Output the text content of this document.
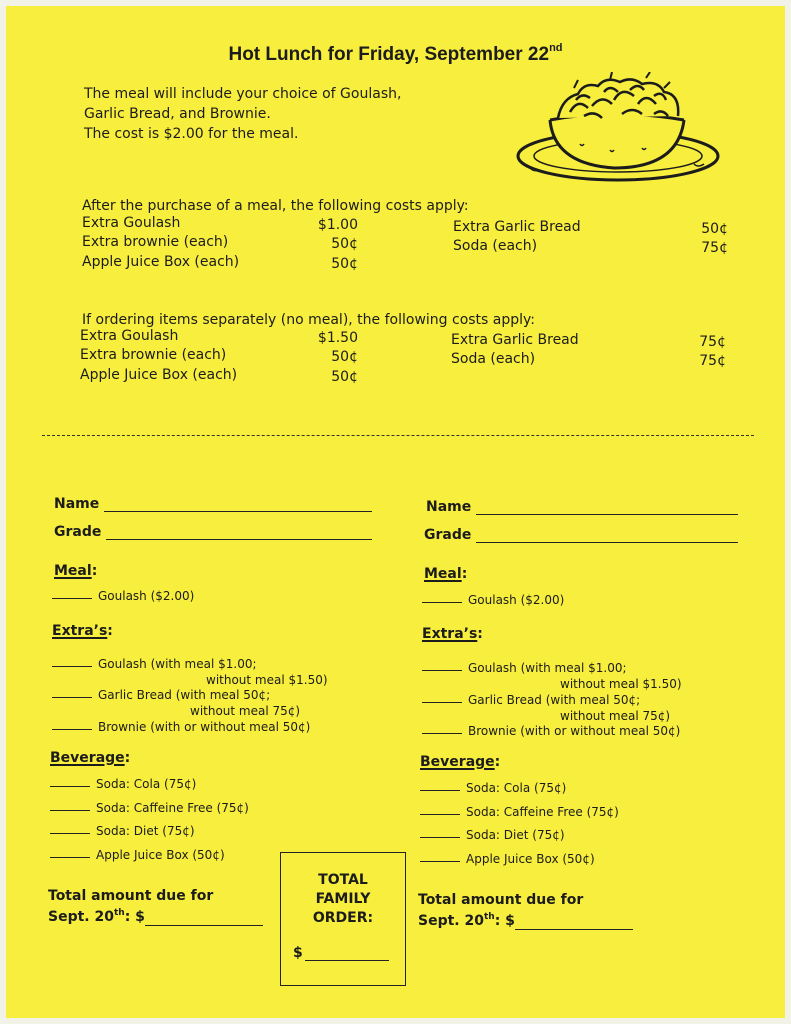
Hot Lunch for Friday, September 22nd
The meal will include your choice of Goulash,
Garlic Bread, and Brownie.
The cost is $2.00 for the meal.
After the purchase of a meal, the following costs apply:
Extra Goulash	$1.00
Extra brownie (each)	50¢
Apple Juice Box (each)	50¢
Extra Garlic Bread	50¢
Soda (each)	75¢
If ordering items separately (no meal), the following costs apply:
Extra Goulash	$1.50
Extra brownie (each)	50¢
Apple Juice Box (each)	50¢
Extra Garlic Bread	75¢
Soda (each)	75¢
Name
Grade
Meal:
Goulash ($2.00)
Extra’s:
Goulash (with meal $1.00;
without meal $1.50)
Garlic Bread (with meal 50¢;
without meal 75¢)
Brownie (with or without meal 50¢)
Beverage:
Soda: Cola (75¢)
Soda: Caffeine Free (75¢)
Soda: Diet (75¢)
Apple Juice Box (50¢)
Total amount due for
Sept. 20th: $
TOTAL
FAMILY
ORDER:
$
Name
Grade
Meal:
Goulash ($2.00)
Extra’s:
Goulash (with meal $1.00;
without meal $1.50)
Garlic Bread (with meal 50¢;
without meal 75¢)
Brownie (with or without meal 50¢)
Beverage:
Soda: Cola (75¢)
Soda: Caffeine Free (75¢)
Soda: Diet (75¢)
Apple Juice Box (50¢)
Total amount due for
Sept. 20th: $
